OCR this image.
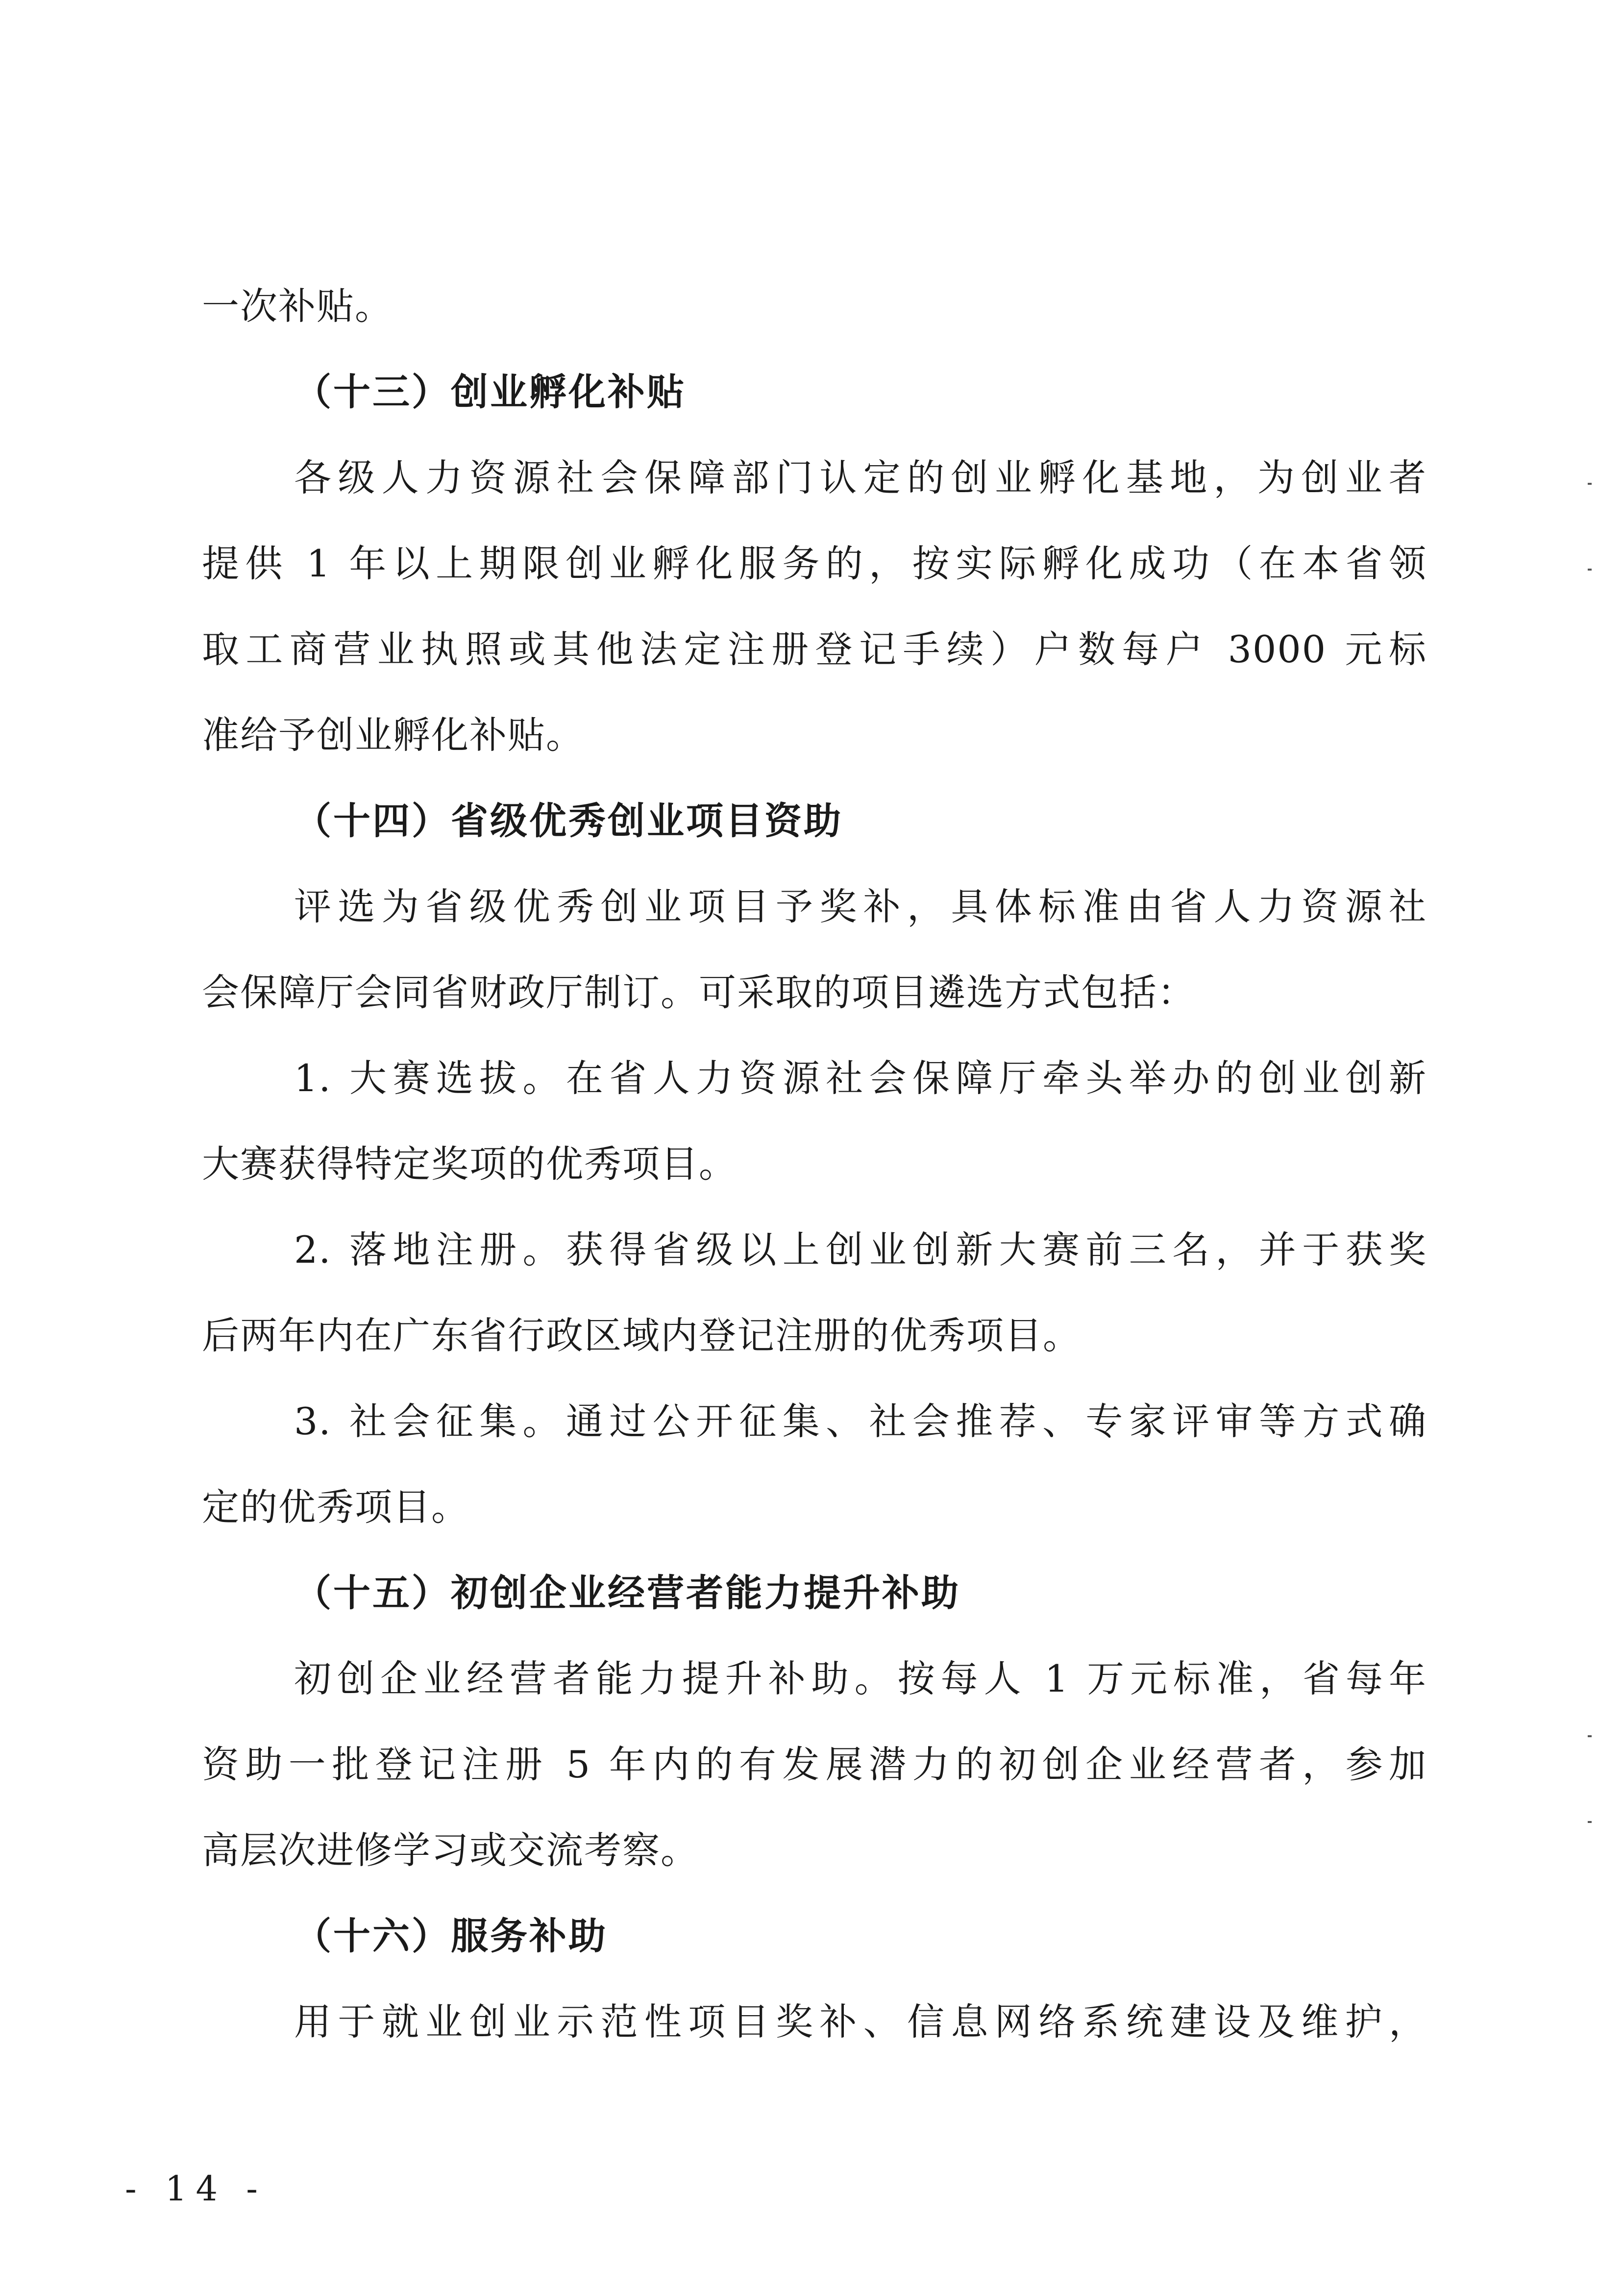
一次补贴。
（十三）创业孵化补贴
各级人力资源社会保障部门认定的创业孵化基地，为创业者
提供 1 年以上期限创业孵化服务的，按实际孵化成功（在本省领
取工商营业执照或其他法定注册登记手续）户数每户 3000 元标
准给予创业孵化补贴。
（十四）省级优秀创业项目资助
评选为省级优秀创业项目予奖补，具体标准由省人力资源社
会保障厅会同省财政厅制订。可采取的项目遴选方式包括：
1. 大赛选拔。在省人力资源社会保障厅牵头举办的创业创新
大赛获得特定奖项的优秀项目。
2. 落地注册。获得省级以上创业创新大赛前三名，并于获奖
后两年内在广东省行政区域内登记注册的优秀项目。
3. 社会征集。通过公开征集、社会推荐、专家评审等方式确
定的优秀项目。
（十五）初创企业经营者能力提升补助
初创企业经营者能力提升补助。按每人 1 万元标准，省每年
资助一批登记注册 5 年内的有发展潜力的初创企业经营者，参加
高层次进修学习或交流考察。
（十六）服务补助
用于就业创业示范性项目奖补、信息网络系统建设及维护，
- 14 -
